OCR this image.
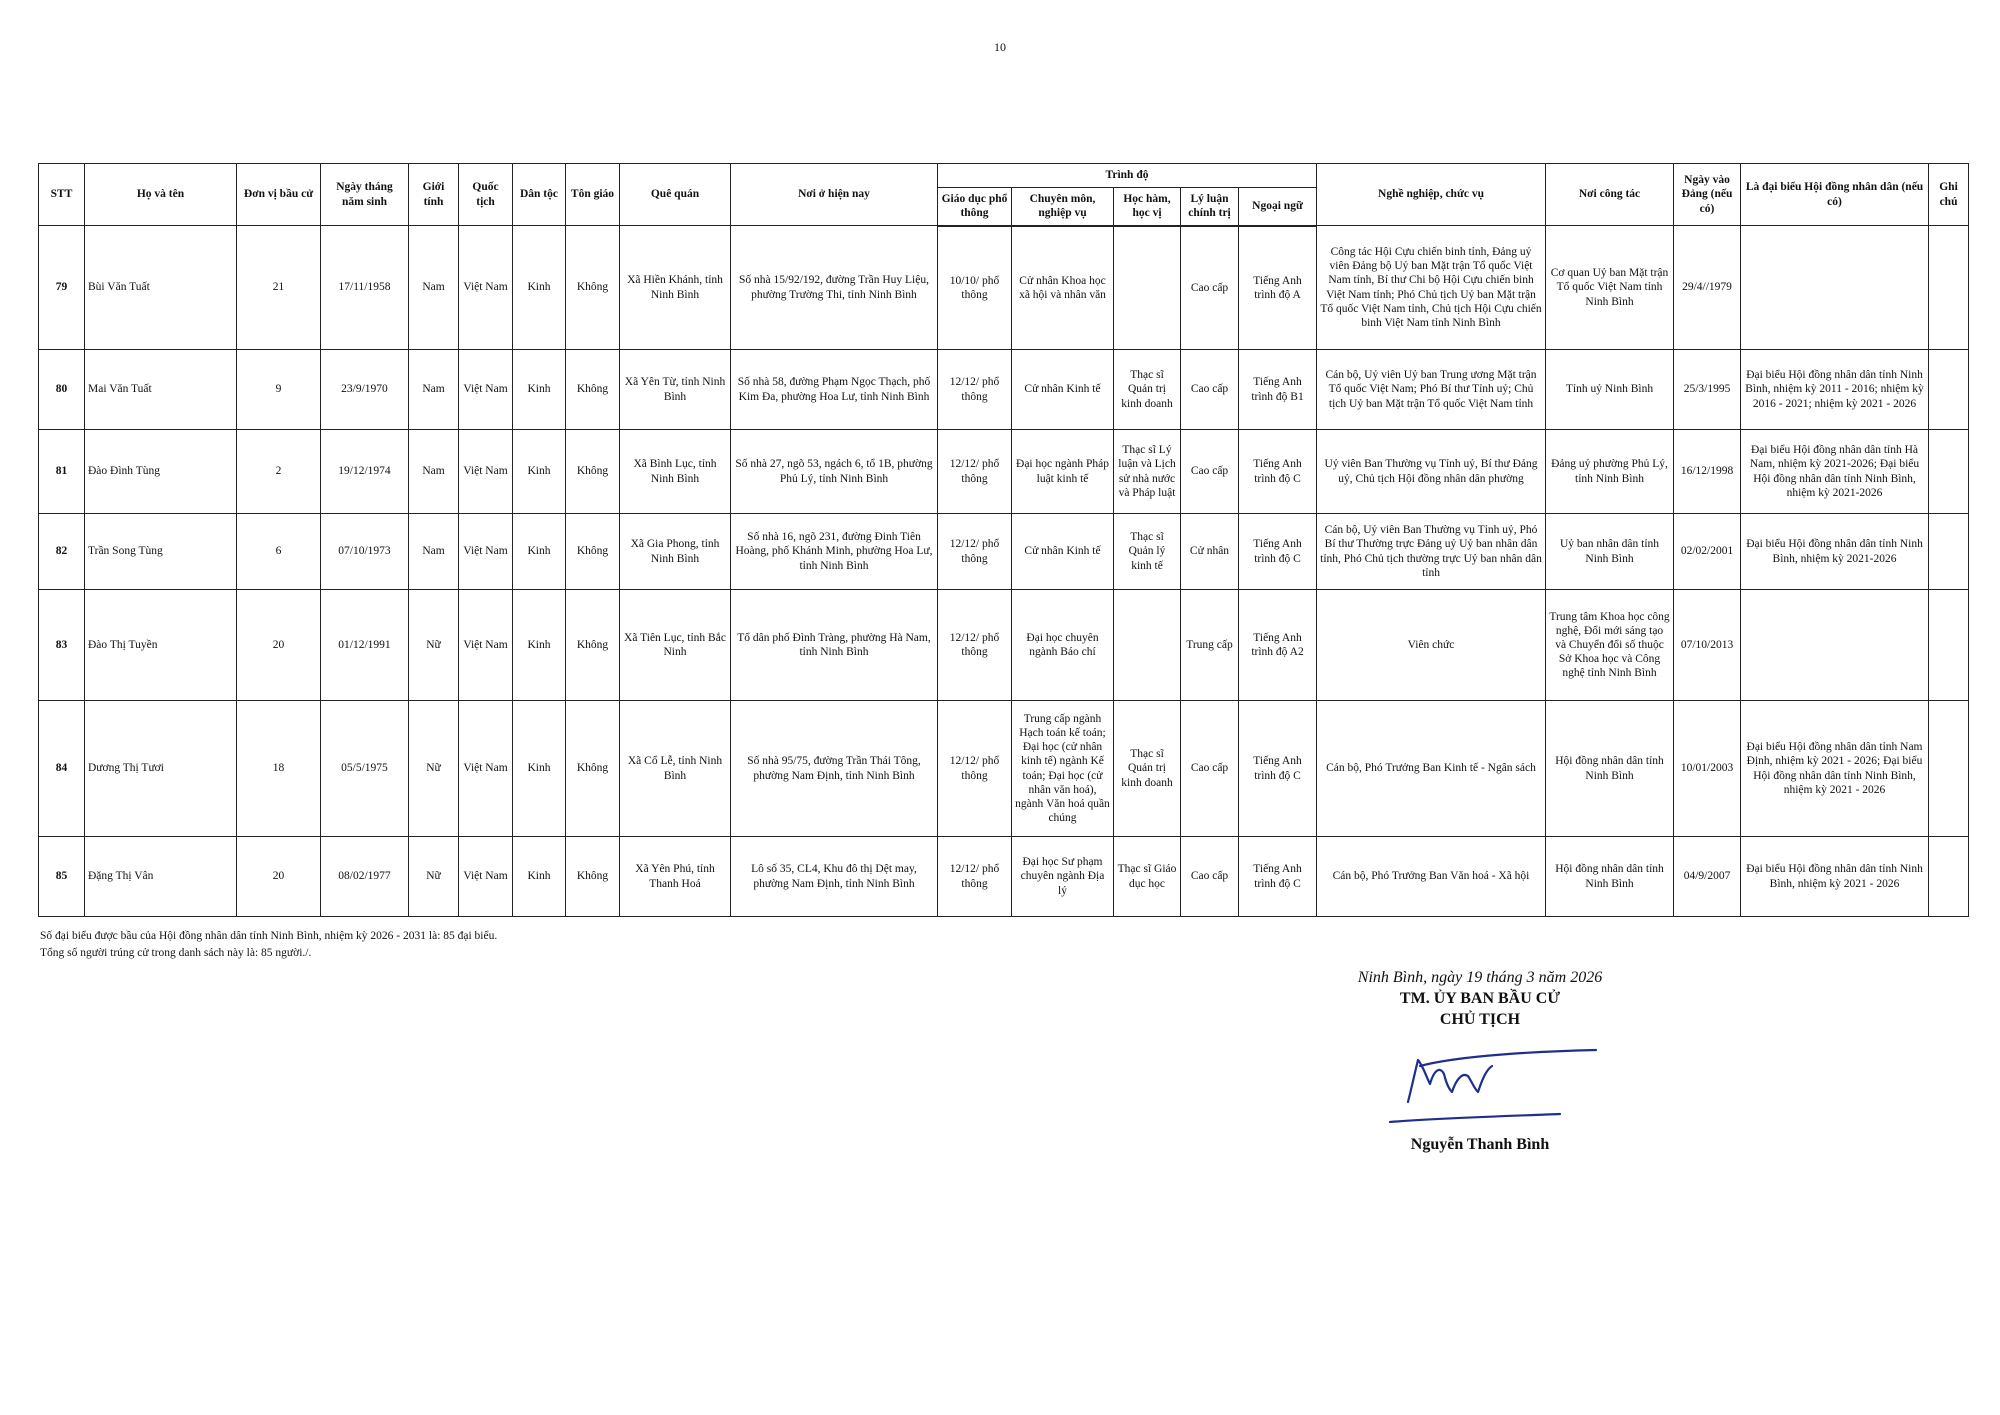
10
STT	Họ và tên	Đơn vị bầu cử	Ngày tháng năm sinh	Giới tính	Quốc tịch	Dân tộc	Tôn giáo	Quê quán	Nơi ở hiện nay	Trình độ					Nghề nghiệp, chức vụ	Nơi công tác	Ngày vào Đảng (nếu có)	Là đại biểu Hội đồng nhân dân (nếu có)	Ghi chú
										Giáo dục phổ thông	Chuyên môn, nghiệp vụ	Học hàm, học vị	Lý luận chính trị	Ngoại ngữ					
79	Bùi Văn Tuất	21	17/11/1958	Nam	Việt Nam	Kinh	Không	Xã Hiền Khánh, tỉnh Ninh Bình	Số nhà 15/92/192, đường Trần Huy Liệu, phường Trường Thi, tỉnh Ninh Bình	10/10/ phổ thông	Cử nhân Khoa học xã hội và nhân văn		Cao cấp	Tiếng Anh trình độ A	Công tác Hội Cựu chiến binh tỉnh, Đảng uỷ viên Đảng bộ Uỷ ban Mặt trận Tổ quốc Việt Nam tỉnh, Bí thư Chi bộ Hội Cựu chiến binh Việt Nam tỉnh; Phó Chủ tịch Uỷ ban Mặt trận Tổ quốc Việt Nam tỉnh, Chủ tịch Hội Cựu chiến binh Việt Nam tỉnh Ninh Bình	Cơ quan Uỷ ban Mặt trận Tổ quốc Việt Nam tỉnh Ninh Bình	29/4//1979		
80	Mai Văn Tuất	9	23/9/1970	Nam	Việt Nam	Kinh	Không	Xã Yên Từ, tỉnh Ninh Bình	Số nhà 58, đường Phạm Ngọc Thạch, phố Kim Đa, phường Hoa Lư, tỉnh Ninh Bình	12/12/ phổ thông	Cử nhân Kinh tế	Thạc sĩ Quản trị kinh doanh	Cao cấp	Tiếng Anh trình độ B1	Cán bộ, Uỷ viên Uỷ ban Trung ương Mặt trận Tổ quốc Việt Nam; Phó Bí thư Tỉnh uỷ; Chủ tịch Uỷ ban Mặt trận Tổ quốc Việt Nam tỉnh	Tỉnh uỷ Ninh Bình	25/3/1995	Đại biểu Hội đồng nhân dân tỉnh Ninh Bình, nhiệm kỳ 2011 - 2016; nhiệm kỳ 2016 - 2021; nhiệm kỳ 2021 - 2026	
81	Đào Đình Tùng	2	19/12/1974	Nam	Việt Nam	Kinh	Không	Xã Bình Lục, tỉnh Ninh Bình	Số nhà 27, ngõ 53, ngách 6, tổ 1B, phường Phủ Lý, tỉnh Ninh Bình	12/12/ phổ thông	Đại học ngành Pháp luật kinh tế	Thạc sĩ Lý luận và Lịch sử nhà nước và Pháp luật	Cao cấp	Tiếng Anh trình độ C	Uỷ viên Ban Thường vụ Tỉnh uỷ, Bí thư Đảng uỷ, Chủ tịch Hội đồng nhân dân phường	Đảng uỷ phường Phủ Lý, tỉnh Ninh Bình	16/12/1998	Đại biểu Hội đồng nhân dân tỉnh Hà Nam, nhiệm kỳ 2021-2026; Đại biểu Hội đồng nhân dân tỉnh Ninh Bình, nhiệm kỳ 2021-2026	
82	Trần Song Tùng	6	07/10/1973	Nam	Việt Nam	Kinh	Không	Xã Gia Phong, tỉnh Ninh Bình	Số nhà 16, ngõ 231, đường Đinh Tiên Hoàng, phố Khánh Minh, phường Hoa Lư, tỉnh Ninh Bình	12/12/ phổ thông	Cử nhân Kinh tế	Thạc sĩ Quản lý kinh tế	Cử nhân	Tiếng Anh trình độ C	Cán bộ, Uỷ viên Ban Thường vụ Tỉnh uỷ, Phó Bí thư Thường trực Đảng uỷ Uỷ ban nhân dân tỉnh, Phó Chủ tịch thường trực Uỷ ban nhân dân tỉnh	Uỷ ban nhân dân tỉnh Ninh Bình	02/02/2001	Đại biểu Hội đồng nhân dân tỉnh Ninh Bình, nhiệm kỳ 2021-2026	
83	Đào Thị Tuyền	20	01/12/1991	Nữ	Việt Nam	Kinh	Không	Xã Tiên Lục, tỉnh Bắc Ninh	Tổ dân phố Đình Tràng, phường Hà Nam, tỉnh Ninh Bình	12/12/ phổ thông	Đại học chuyên ngành Báo chí		Trung cấp	Tiếng Anh trình độ A2	Viên chức	Trung tâm Khoa học công nghệ, Đổi mới sáng tạo và Chuyển đổi số thuộc Sở Khoa học và Công nghệ tỉnh Ninh Bình	07/10/2013		
84	Dương Thị Tươi	18	05/5/1975	Nữ	Việt Nam	Kinh	Không	Xã Cổ Lễ, tỉnh Ninh Bình	Số nhà 95/75, đường Trần Thái Tông, phường Nam Định, tỉnh Ninh Bình	12/12/ phổ thông	Trung cấp ngành Hạch toán kế toán; Đại học (cử nhân kinh tế) ngành Kế toán; Đại học (cử nhân văn hoá), ngành Văn hoá quần chúng	Thạc sĩ Quản trị kinh doanh	Cao cấp	Tiếng Anh trình độ C	Cán bộ, Phó Trưởng Ban Kinh tế - Ngân sách	Hội đồng nhân dân tỉnh Ninh Bình	10/01/2003	Đại biểu Hội đồng nhân dân tỉnh Nam Định, nhiệm kỳ 2021 - 2026; Đại biểu Hội đồng nhân dân tỉnh Ninh Bình, nhiệm kỳ 2021 - 2026	
85	Đặng Thị Vân	20	08/02/1977	Nữ	Việt Nam	Kinh	Không	Xã Yên Phú, tỉnh Thanh Hoá	Lô số 35, CL4, Khu đô thị Dệt may, phường Nam Định, tỉnh Ninh Bình	12/12/ phổ thông	Đại học Sư phạm chuyên ngành Địa lý	Thạc sĩ Giáo dục học	Cao cấp	Tiếng Anh trình độ C	Cán bộ, Phó Trưởng Ban Văn hoá - Xã hội	Hội đồng nhân dân tỉnh Ninh Bình	04/9/2007	Đại biểu Hội đồng nhân dân tỉnh Ninh Bình, nhiệm kỳ 2021 - 2026	
Số đại biểu được bầu của Hội đồng nhân dân tỉnh Ninh Bình, nhiệm kỳ 2026 - 2031 là: 85 đại biểu.
Tổng số người trúng cử trong danh sách này là: 85 người./.
Ninh Bình, ngày 19 tháng 3 năm 2026
TM. ỦY BAN BẦU CỬ
CHỦ TỊCH
Nguyễn Thanh Bình
